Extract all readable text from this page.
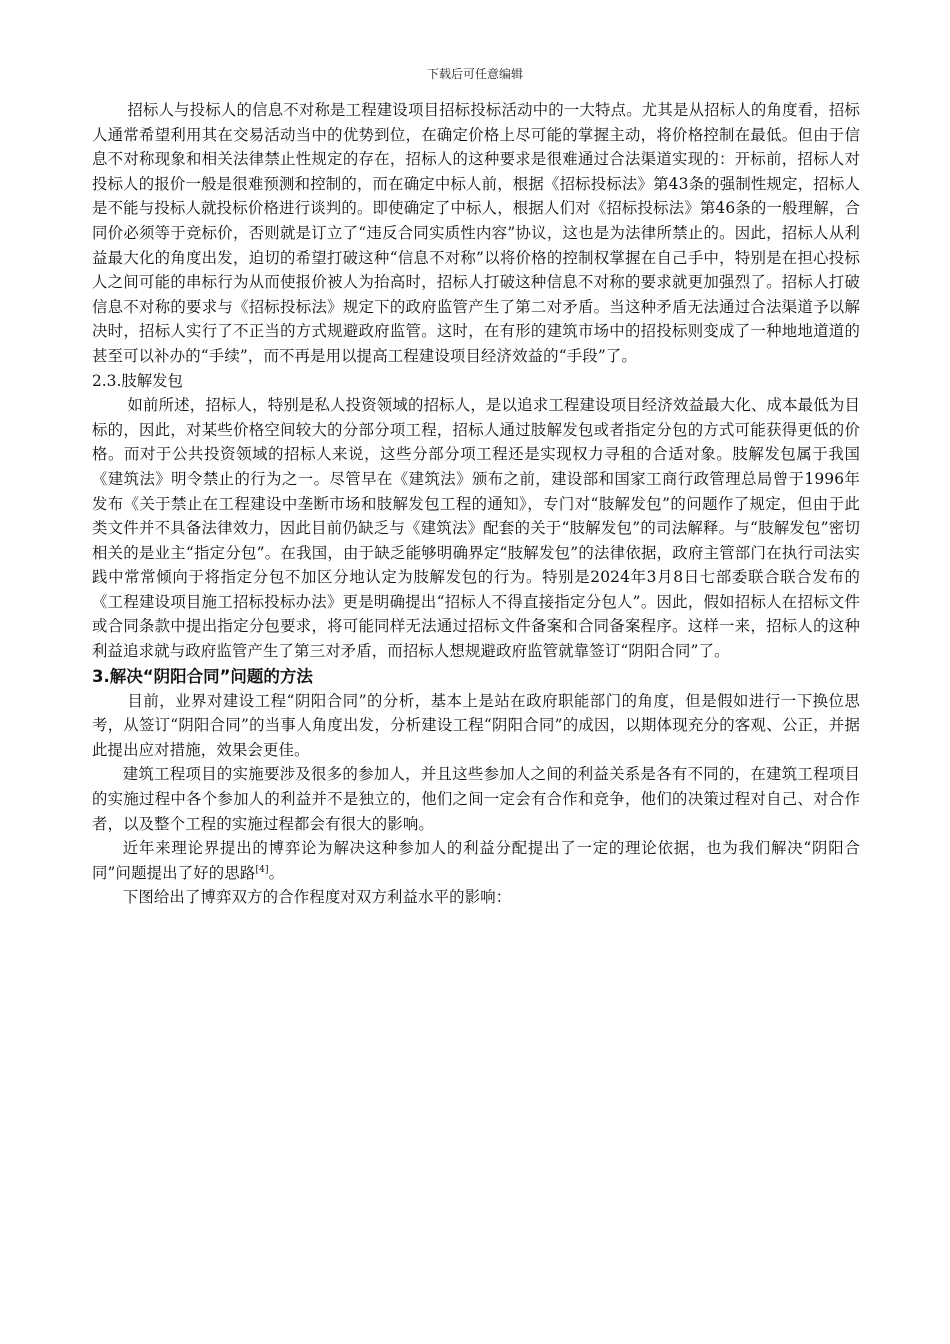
下载后可任意编辑

招标人与投标人的信息不对称是工程建设项目招标投标活动中的一大特点。尤其是从招标人的角度看，招标人通常希望利用其在交易活动当中的优势到位，在确定价格上尽可能的掌握主动，将价格控制在最低。但由于信息不对称现象和相关法律禁止性规定的存在，招标人的这种要求是很难通过合法渠道实现的：开标前，招标人对投标人的报价一般是很难预测和控制的，而在确定中标人前，根据《招标投标法》第43条的强制性规定，招标人是不能与投标人就投标价格进行谈判的。即使确定了中标人，根据人们对《招标投标法》第46条的一般理解，合同价必须等于竞标价，否则就是订立了“违反合同实质性内容”协议，这也是为法律所禁止的。因此，招标人从利益最大化的角度出发，迫切的希望打破这种“信息不对称”以将价格的控制权掌握在自己手中，特别是在担心投标人之间可能的串标行为从而使报价被人为抬高时，招标人打破这种信息不对称的要求就更加强烈了。招标人打破信息不对称的要求与《招标投标法》规定下的政府监管产生了第二对矛盾。当这种矛盾无法通过合法渠道予以解决时，招标人实行了不正当的方式规避政府监管。这时，在有形的建筑市场中的招投标则变成了一种地地道道的甚至可以补办的“手续”，而不再是用以提高工程建设项目经济效益的“手段”了。

2.3.肢解发包

如前所述，招标人，特别是私人投资领域的招标人，是以追求工程建设项目经济效益最大化、成本最低为目标的，因此，对某些价格空间较大的分部分项工程，招标人通过肢解发包或者指定分包的方式可能获得更低的价格。而对于公共投资领域的招标人来说，这些分部分项工程还是实现权力寻租的合适对象。肢解发包属于我国《建筑法》明令禁止的行为之一。尽管早在《建筑法》颁布之前，建设部和国家工商行政管理总局曾于1996年发布《关于禁止在工程建设中垄断市场和肢解发包工程的通知》，专门对“肢解发包”的问题作了规定，但由于此类文件并不具备法律效力，因此目前仍缺乏与《建筑法》配套的关于“肢解发包”的司法解释。与“肢解发包”密切相关的是业主“指定分包”。在我国，由于缺乏能够明确界定“肢解发包”的法律依据，政府主管部门在执行司法实践中常常倾向于将指定分包不加区分地认定为肢解发包的行为。特别是2024年3月8日七部委联合联合发布的《工程建设项目施工招标投标办法》更是明确提出“招标人不得直接指定分包人”。因此，假如招标人在招标文件或合同条款中提出指定分包要求，将可能同样无法通过招标文件备案和合同备案程序。这样一来，招标人的这种利益追求就与政府监管产生了第三对矛盾，而招标人想规避政府监管就靠签订“阴阳合同”了。

3.解决“阴阳合同”问题的方法

目前，业界对建设工程“阴阳合同”的分析，基本上是站在政府职能部门的角度，但是假如进行一下换位思考，从签订“阴阳合同”的当事人角度出发，分析建设工程“阴阳合同”的成因，以期体现充分的客观、公正，并据此提出应对措施，效果会更佳。

建筑工程项目的实施要涉及很多的参加人，并且这些参加人之间的利益关系是各有不同的，在建筑工程项目的实施过程中各个参加人的利益并不是独立的，他们之间一定会有合作和竞争，他们的决策过程对自己、对合作者，以及整个工程的实施过程都会有很大的影响。

近年来理论界提出的博弈论为解决这种参加人的利益分配提出了一定的理论依据，也为我们解决“阴阳合同”问题提出了好的思路[4]。

下图给出了博弈双方的合作程度对双方利益水平的影响：
